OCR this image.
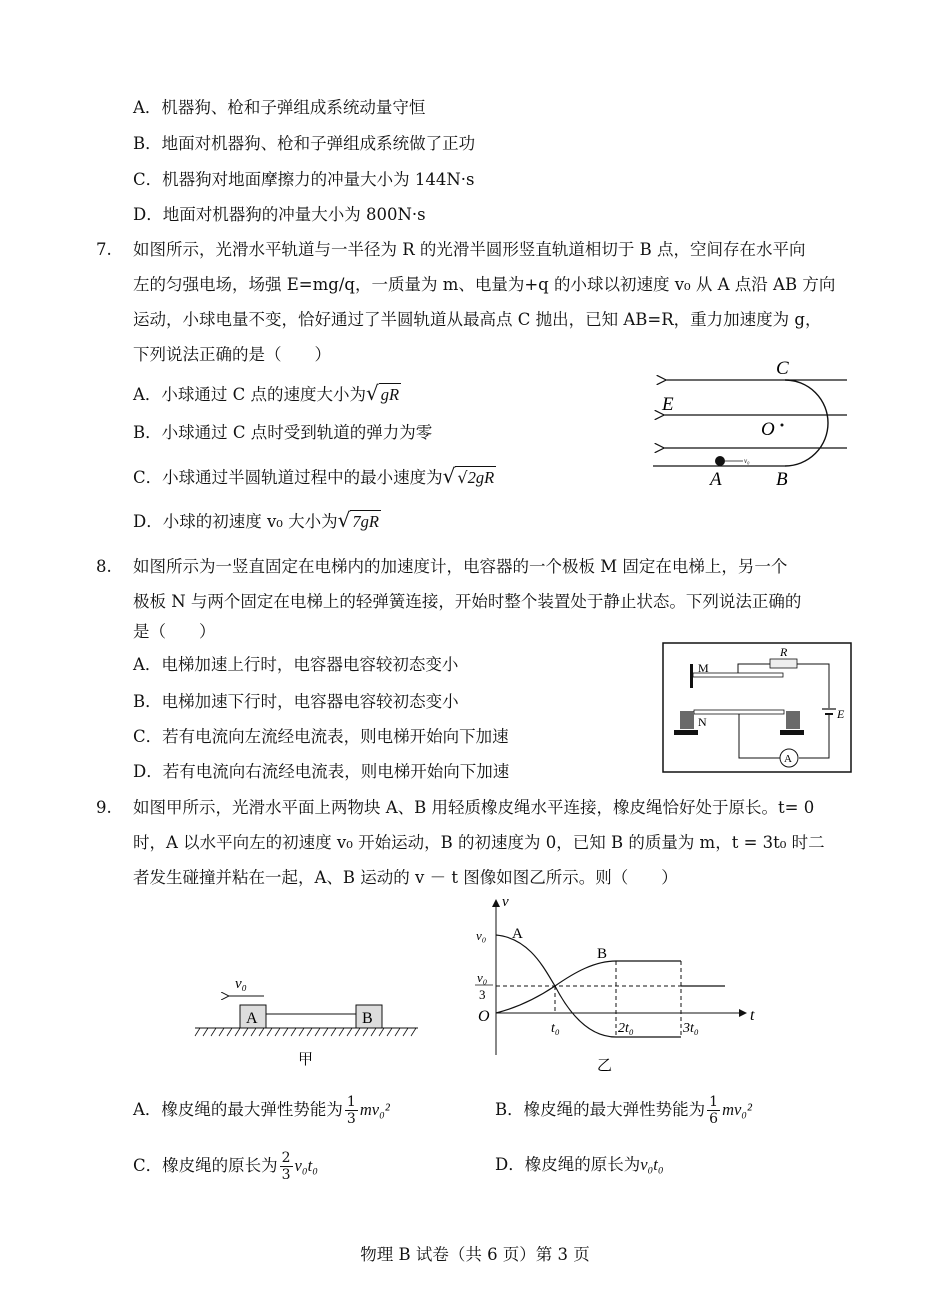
A．机器狗、枪和子弹组成系统动量守恒
B．地面对机器狗、枪和子弹组成系统做了正功
C．机器狗对地面摩擦力的冲量大小为 144N·s
D．地面对机器狗的冲量大小为 800N·s
7. 如图所示，光滑水平轨道与一半径为 R 的光滑半圆形竖直轨道相切于 B 点，空间存在水平向
左的匀强电场，场强 E=mg/q，一质量为 m、电量为+q 的小球以初速度 v₀ 从 A 点沿 AB 方向
运动，小球电量不变，恰好通过了半圆轨道从最高点 C 抛出，已知 AB=R，重力加速度为 g，
下列说法正确的是（　　）
A．小球通过 C 点的速度大小为√ gR
B．小球通过 C 点时受到轨道的弹力为零
C．小球通过半圆轨道过程中的最小速度为√ √2gR
D．小球的初速度 v₀ 大小为√ 7gR
v₀
C
E
O
A	B
8. 如图所示为一竖直固定在电梯内的加速度计，电容器的一个极板 M 固定在电梯上，另一个
极板 N 与两个固定在电梯上的轻弹簧连接，开始时整个装置处于静止状态。下列说法正确的
是（　　）
A．电梯加速上行时，电容器电容较初态变小
B．电梯加速下行时，电容器电容较初态变小
C．若有电流向左流经电流表，则电梯开始向下加速
D．若有电流向右流经电流表，则电梯开始向下加速
M
R
E
A
N
9. 如图甲所示，光滑水平面上两物块 A、B 用轻质橡皮绳水平连接，橡皮绳恰好处于原长。t= 0
时，A 以水平向左的初速度 v₀ 开始运动，B 的初速度为 0，已知 B 的质量为 m，t = 3t₀ 时二
者发生碰撞并粘在一起，A、B 运动的 v － t 图像如图乙所示。则（　　）
v₀
A	B
甲
v
t
O
v₀
v₀
3
A
B
t₀	2t₀	3t₀
乙
A．橡皮绳的最大弹性势能为 $\frac{1}{3} mv_0^2$	B．橡皮绳的最大弹性势能为 $\frac{1}{6} mv_0^2$
C．橡皮绳的原长为 $\frac{2}{3} v_0t_0$	D．橡皮绳的原长为v₀t₀
物理 B 试卷（共 6 页）第 3 页
